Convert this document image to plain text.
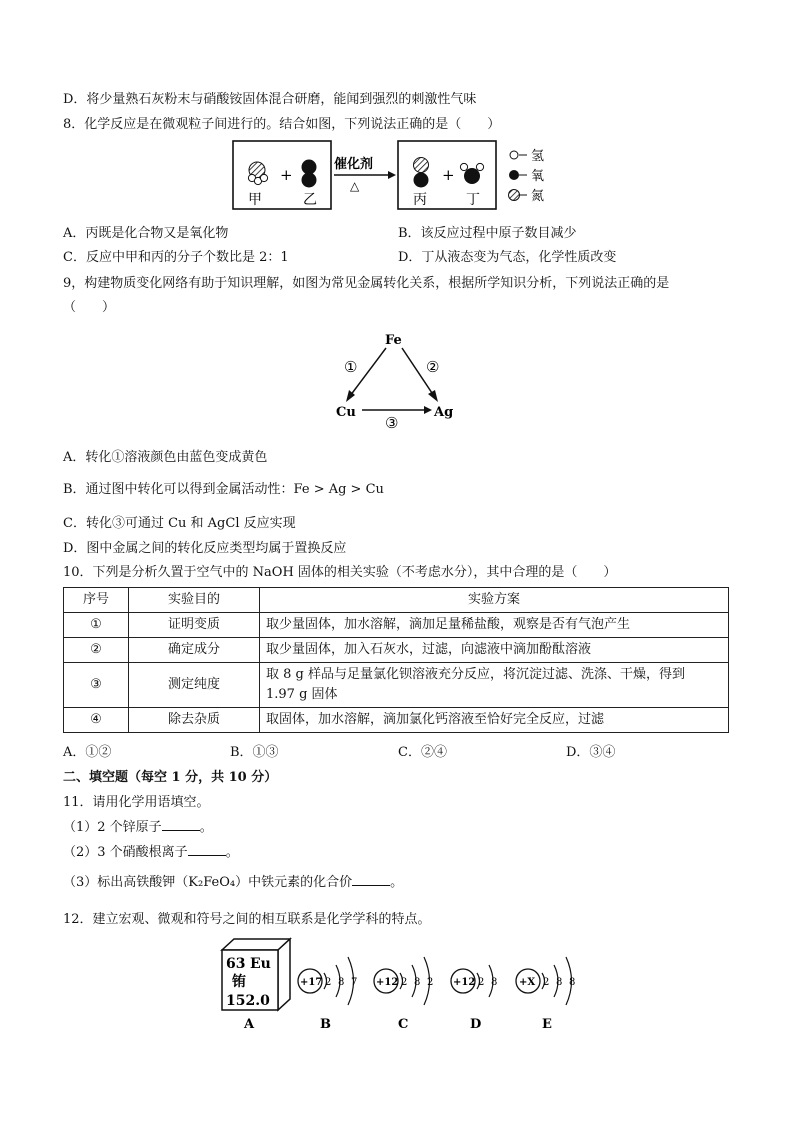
D．将少量熟石灰粉末与硝酸铵固体混合研磨，能闻到强烈的刺激性气味
8．化学反应是在微观粒子间进行的。结合如图，下列说法正确的是（　　）
+
甲	乙
催化剂
△
+
丙	丁
氢
氧
氮
A．丙既是化合物又是氧化物	B．该反应过程中原子数目减少
C．反应中甲和丙的分子个数比是 2：1	D．丁从液态变为气态，化学性质改变
9，构建物质变化网络有助于知识理解，如图为常见金属转化关系，根据所学知识分析，下列说法正确的是
（　　）
Fe
Cu	Ag
①	②
③
A．转化①溶液颜色由蓝色变成黄色
B．通过图中转化可以得到金属活动性：Fe > Ag > Cu
C．转化③可通过 Cu 和 AgCl 反应实现
D．图中金属之间的转化反应类型均属于置换反应
10．下列是分析久置于空气中的 NaOH 固体的相关实验（不考虑水分），其中合理的是（　　）
序号	实验目的	实验方案
①	证明变质	取少量固体，加水溶解，滴加足量稀盐酸，观察是否有气泡产生
②	确定成分	取少量固体，加入石灰水，过滤，向滤液中滴加酚酞溶液
③	测定纯度	取 8 g 样品与足量氯化钡溶液充分反应，将沉淀过滤、洗涤、干燥，得到
1.97 g 固体
④	除去杂质	取固体，加水溶解，滴加氯化钙溶液至恰好完全反应，过滤
A．①②	B．①③	C．②④	D．③④
二、填空题（每空 1 分，共 10 分）
11．请用化学用语填空。
（1）2 个锌原子	。
（2）3 个硝酸根离子	。
（3）标出高铁酸钾（K₂FeO₄）中铁元素的化合价	。
12．建立宏观、微观和符号之间的相互联系是化学学科的特点。
63 Eu
铕
152.0
A
+17 2 8 7
B
+12 2 8 2
C
+12 2 8
D
+X 2 8 8
E
